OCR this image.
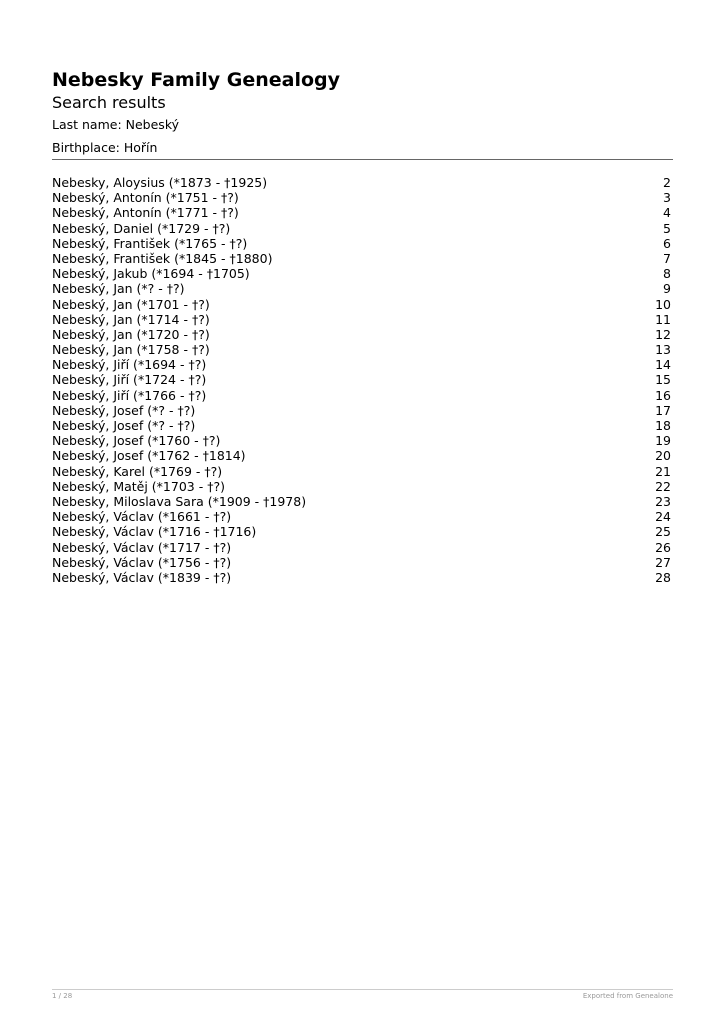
Nebesky Family Genealogy
Search results
Last name: Nebeský
Birthplace: Hořín
Nebesky, Aloysius (*1873 - †1925)	2
Nebeský, Antonín (*1751 - †?)	3
Nebeský, Antonín (*1771 - †?)	4
Nebeský, Daniel (*1729 - †?)	5
Nebeský, František (*1765 - †?)	6
Nebeský, František (*1845 - †1880)	7
Nebeský, Jakub (*1694 - †1705)	8
Nebeský, Jan (*? - †?)	9
Nebeský, Jan (*1701 - †?)	10
Nebeský, Jan (*1714 - †?)	11
Nebeský, Jan (*1720 - †?)	12
Nebeský, Jan (*1758 - †?)	13
Nebeský, Jiří (*1694 - †?)	14
Nebeský, Jiří (*1724 - †?)	15
Nebeský, Jiří (*1766 - †?)	16
Nebeský, Josef (*? - †?)	17
Nebeský, Josef (*? - †?)	18
Nebeský, Josef (*1760 - †?)	19
Nebeský, Josef (*1762 - †1814)	20
Nebeský, Karel (*1769 - †?)	21
Nebeský, Matěj (*1703 - †?)	22
Nebesky, Miloslava Sara (*1909 - †1978)	23
Nebeský, Václav (*1661 - †?)	24
Nebeský, Václav (*1716 - †1716)	25
Nebeský, Václav (*1717 - †?)	26
Nebeský, Václav (*1756 - †?)	27
Nebeský, Václav (*1839 - †?)	28
1 / 28	Exported from Genealone
